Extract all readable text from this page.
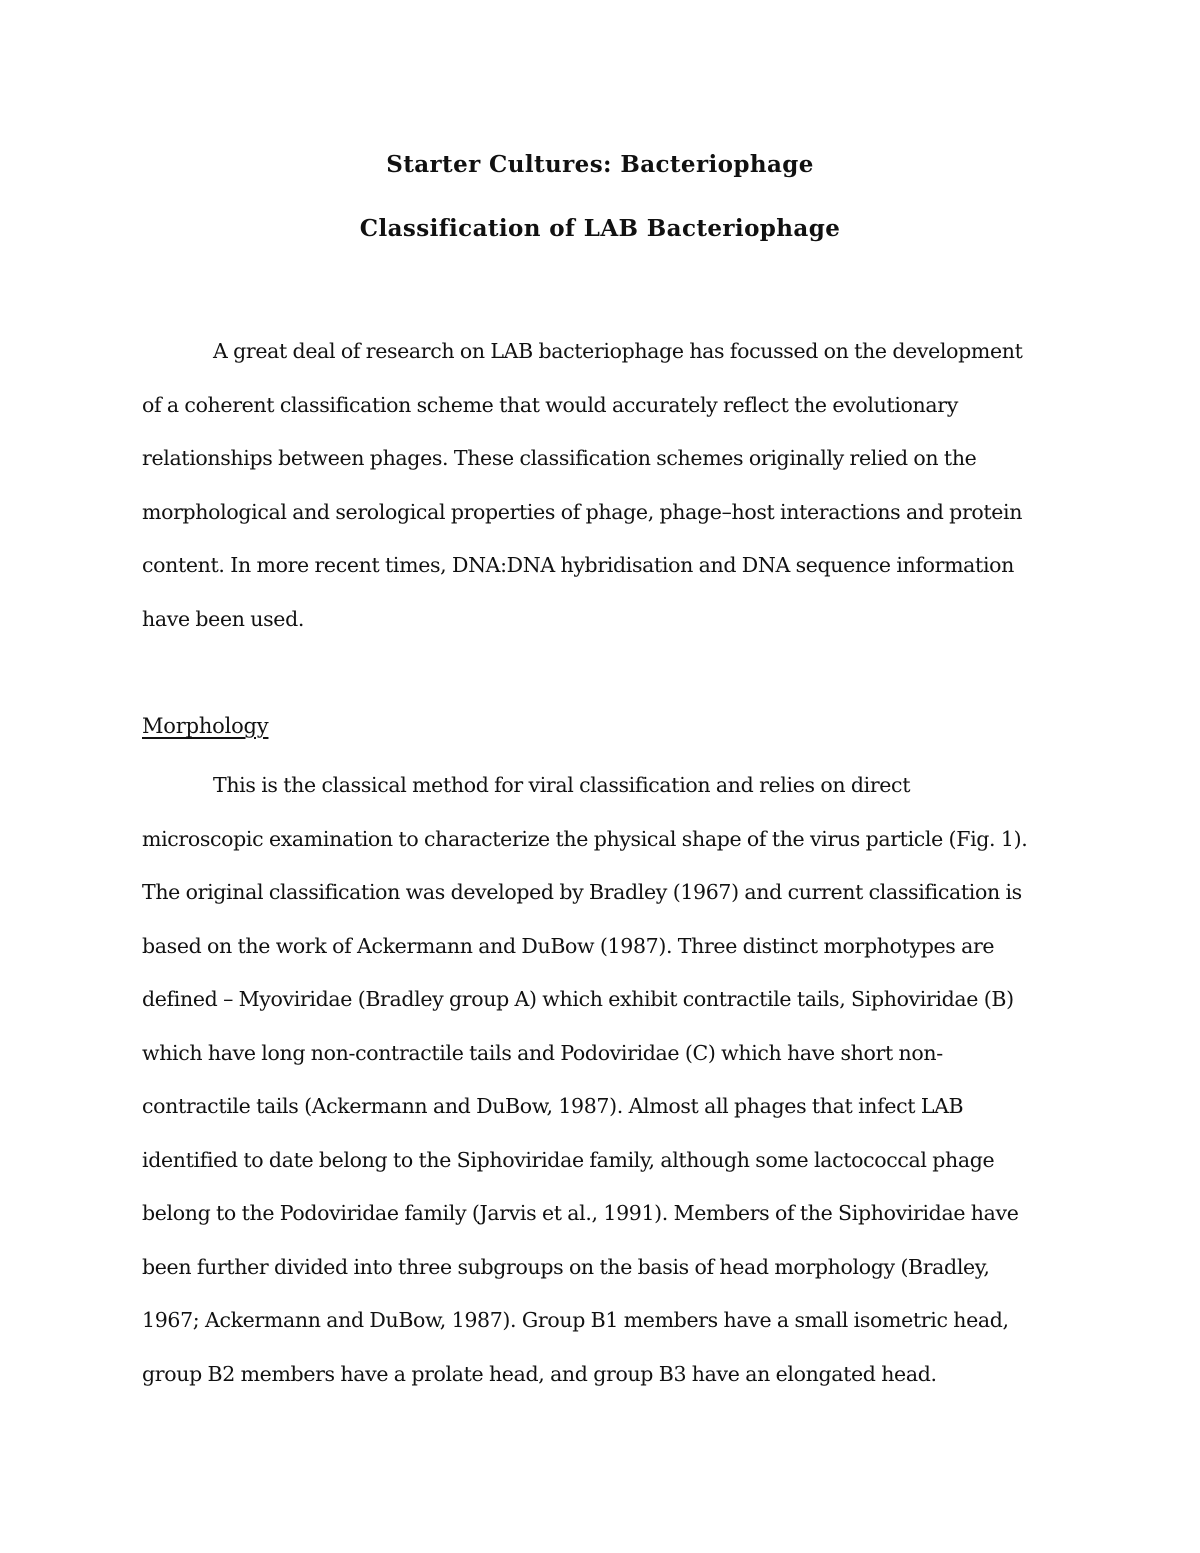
Starter Cultures: Bacteriophage
Classification of LAB Bacteriophage
A great deal of research on LAB bacteriophage has focussed on the development
of a coherent classification scheme that would accurately reflect the evolutionary
relationships between phages. These classification schemes originally relied on the
morphological and serological properties of phage, phage–host interactions and protein
content. In more recent times, DNA:DNA hybridisation and DNA sequence information
have been used.
Morphology
This is the classical method for viral classification and relies on direct
microscopic examination to characterize the physical shape of the virus particle (Fig. 1).
The original classification was developed by Bradley (1967) and current classification is
based on the work of Ackermann and DuBow (1987). Three distinct morphotypes are
defined – Myoviridae (Bradley group A) which exhibit contractile tails, Siphoviridae (B)
which have long non-contractile tails and Podoviridae (C) which have short non-
contractile tails (Ackermann and DuBow, 1987). Almost all phages that infect LAB
identified to date belong to the Siphoviridae family, although some lactococcal phage
belong to the Podoviridae family (Jarvis et al., 1991). Members of the Siphoviridae have
been further divided into three subgroups on the basis of head morphology (Bradley,
1967; Ackermann and DuBow, 1987). Group B1 members have a small isometric head,
group B2 members have a prolate head, and group B3 have an elongated head.
